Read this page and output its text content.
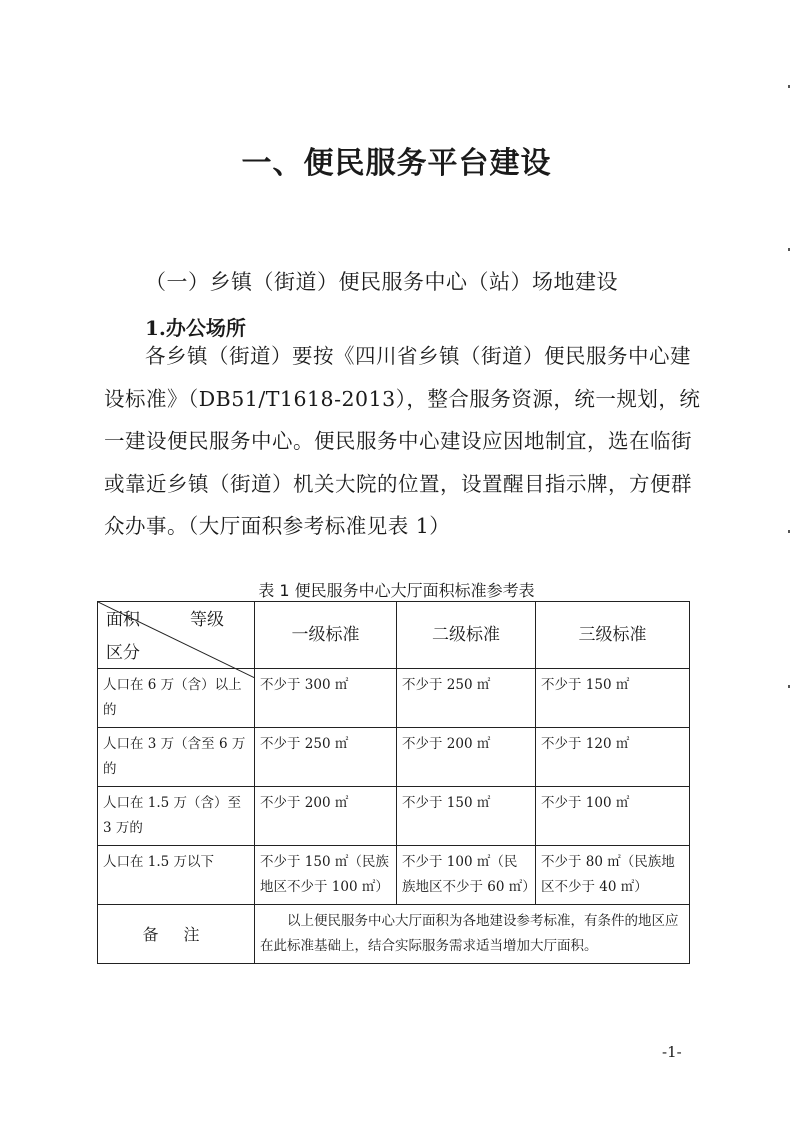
一、便民服务平台建设
（一）乡镇（街道）便民服务中心（站）场地建设
1.办公场所
各乡镇（街道）要按《四川省乡镇（街道）便民服务中心建
设标准》（DB51/T1618-2013），整合服务资源，统一规划，统
一建设便民服务中心。便民服务中心建设应因地制宜，选在临街
或靠近乡镇（街道）机关大院的位置，设置醒目指示牌，方便群
众办事。（大厅面积参考标准见表 1）
表 1 便民服务中心大厅面积标准参考表
面积 等级
区分	一级标准	二级标准	三级标准
人口在 6 万（含）以上的	不少于 300 ㎡	不少于 250 ㎡	不少于 150 ㎡
人口在 3 万（含至 6 万的	不少于 250 ㎡	不少于 200 ㎡	不少于 120 ㎡
人口在 1.5 万（含）至 3 万的	不少于 200 ㎡	不少于 150 ㎡	不少于 100 ㎡
人口在 1.5 万以下	不少于 150 ㎡（民族地区不少于 100 ㎡）	不少于 100 ㎡（民族地区不少于 60 ㎡）	不少于 80 ㎡（民族地区不少于 40 ㎡）
备 注	以上便民服务中心大厅面积为各地建设参考标准，有条件的地区应在此标准基础上，结合实际服务需求适当增加大厅面积。		
-1-
